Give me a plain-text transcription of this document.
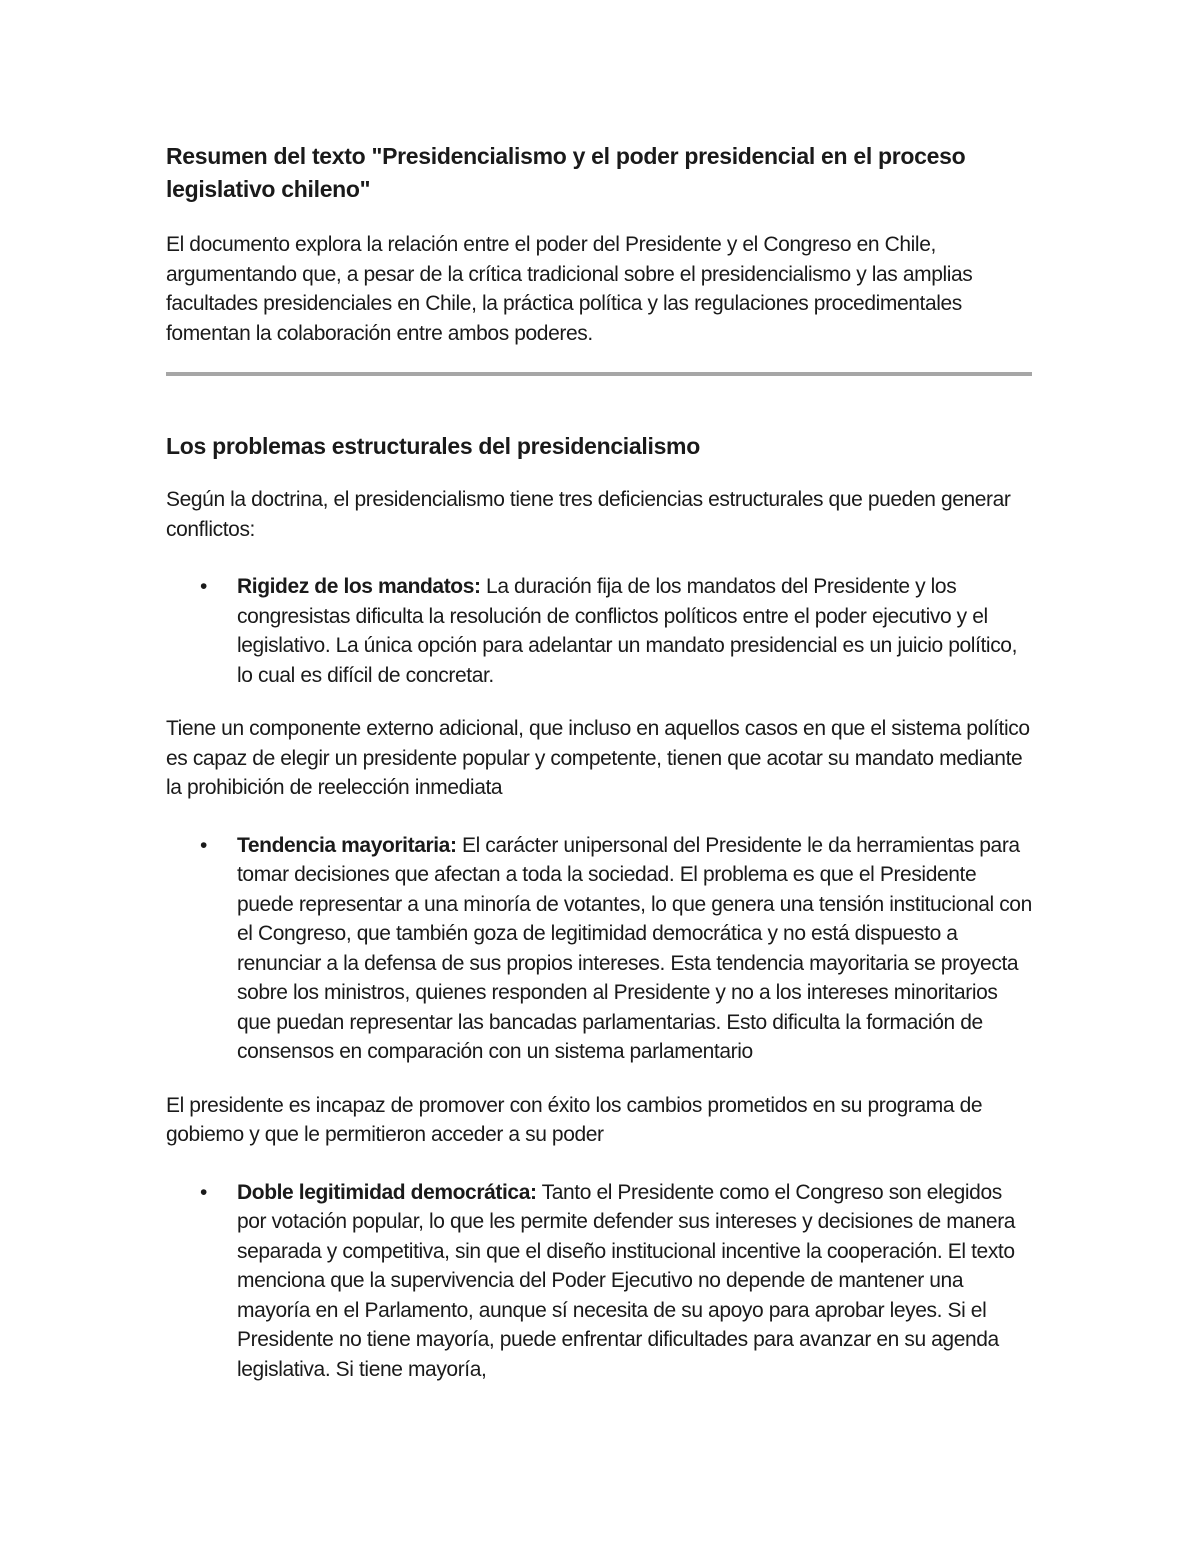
Resumen del texto "Presidencialismo y el poder presidencial en el proceso legislativo chileno"

El documento explora la relación entre el poder del Presidente y el Congreso en Chile, argumentando que, a pesar de la crítica tradicional sobre el presidencialismo y las amplias facultades presidenciales en Chile, la práctica política y las regulaciones procedimentales fomentan la colaboración entre ambos poderes.

Los problemas estructurales del presidencialismo

Según la doctrina, el presidencialismo tiene tres deficiencias estructurales que pueden generar conflictos:

• Rigidez de los mandatos: La duración fija de los mandatos del Presidente y los congresistas dificulta la resolución de conflictos políticos entre el poder ejecutivo y el legislativo. La única opción para adelantar un mandato presidencial es un juicio político, lo cual es difícil de concretar.

Tiene un componente externo adicional, que incluso en aquellos casos en que el sistema político es capaz de elegir un presidente popular y competente, tienen que acotar su mandato mediante la prohibición de reelección inmediata

• Tendencia mayoritaria: El carácter unipersonal del Presidente le da herramientas para tomar decisiones que afectan a toda la sociedad. El problema es que el Presidente puede representar a una minoría de votantes, lo que genera una tensión institucional con el Congreso, que también goza de legitimidad democrática y no está dispuesto a renunciar a la defensa de sus propios intereses. Esta tendencia mayoritaria se proyecta sobre los ministros, quienes responden al Presidente y no a los intereses minoritarios que puedan representar las bancadas parlamentarias. Esto dificulta la formación de consensos en comparación con un sistema parlamentario

El presidente es incapaz de promover con éxito los cambios prometidos en su programa de gobiemo y que le permitieron acceder a su poder

• Doble legitimidad democrática: Tanto el Presidente como el Congreso son elegidos por votación popular, lo que les permite defender sus intereses y decisiones de manera separada y competitiva, sin que el diseño institucional incentive la cooperación. El texto menciona que la supervivencia del Poder Ejecutivo no depende de mantener una mayoría en el Parlamento, aunque sí necesita de su apoyo para aprobar leyes. Si el Presidente no tiene mayoría, puede enfrentar dificultades para avanzar en su agenda legislativa. Si tiene mayoría,
